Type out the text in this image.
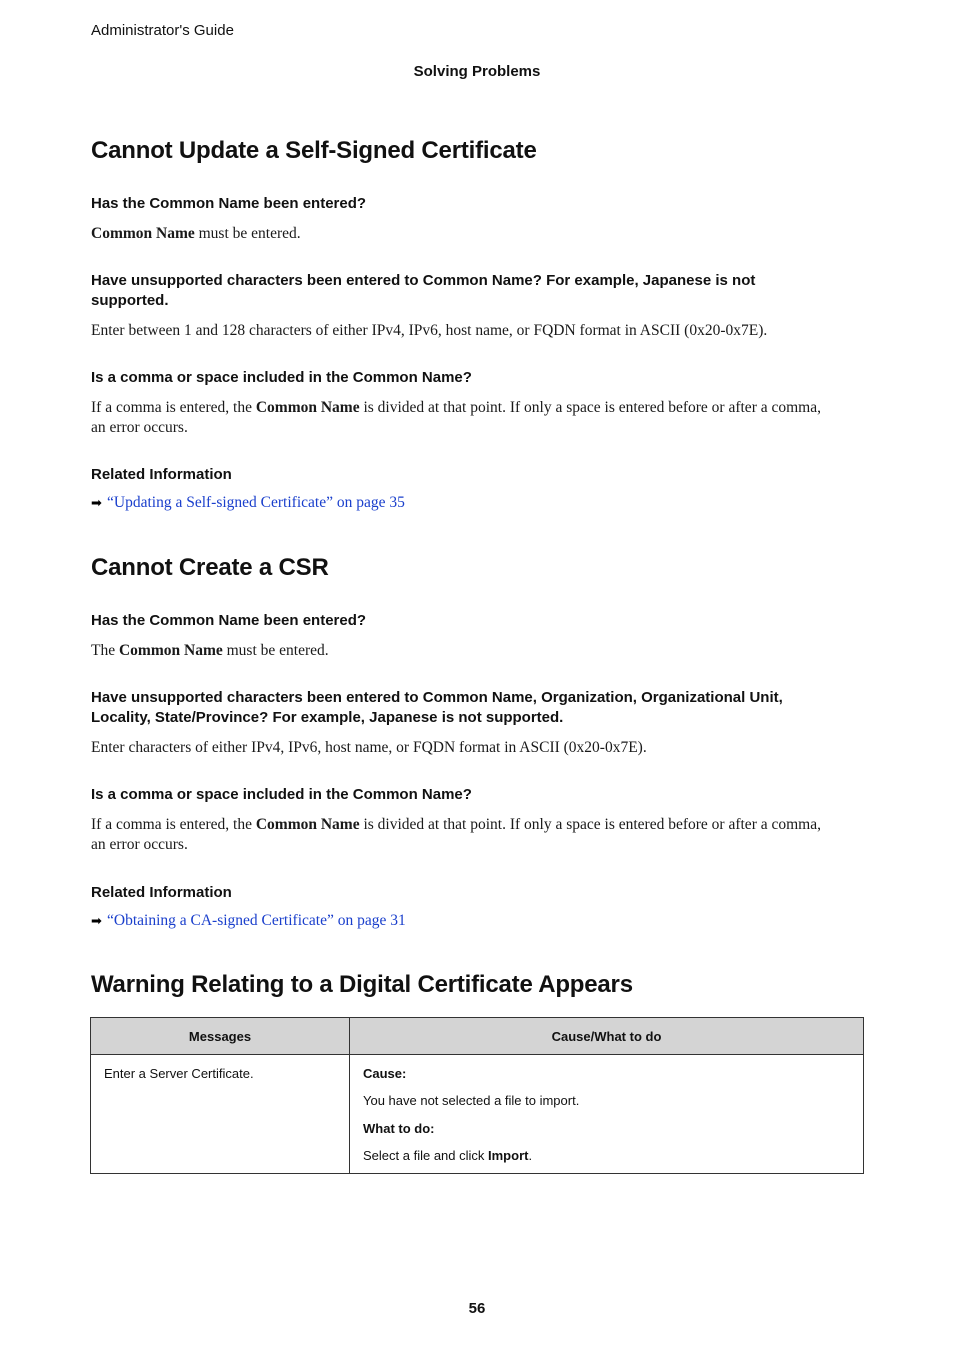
Administrator's Guide
Solving Problems
Cannot Update a Self-Signed Certificate
Has the Common Name been entered?
Common Name must be entered.
Have unsupported characters been entered to Common Name? For example, Japanese is not supported.
Enter between 1 and 128 characters of either IPv4, IPv6, host name, or FQDN format in ASCII (0x20-0x7E).
Is a comma or space included in the Common Name?
If a comma is entered, the Common Name is divided at that point. If only a space is entered before or after a comma, an error occurs.
Related Information
➡ “Updating a Self-signed Certificate” on page 35
Cannot Create a CSR
Has the Common Name been entered?
The Common Name must be entered.
Have unsupported characters been entered to Common Name, Organization, Organizational Unit, Locality, State/Province? For example, Japanese is not supported.
Enter characters of either IPv4, IPv6, host name, or FQDN format in ASCII (0x20-0x7E).
Is a comma or space included in the Common Name?
If a comma is entered, the Common Name is divided at that point. If only a space is entered before or after a comma, an error occurs.
Related Information
➡ “Obtaining a CA-signed Certificate” on page 31
Warning Relating to a Digital Certificate Appears
Messages	Cause/What to do

Enter a Server Certificate.	Cause:
You have not selected a file to import.
What to do:
Select a file and click Import.
56
